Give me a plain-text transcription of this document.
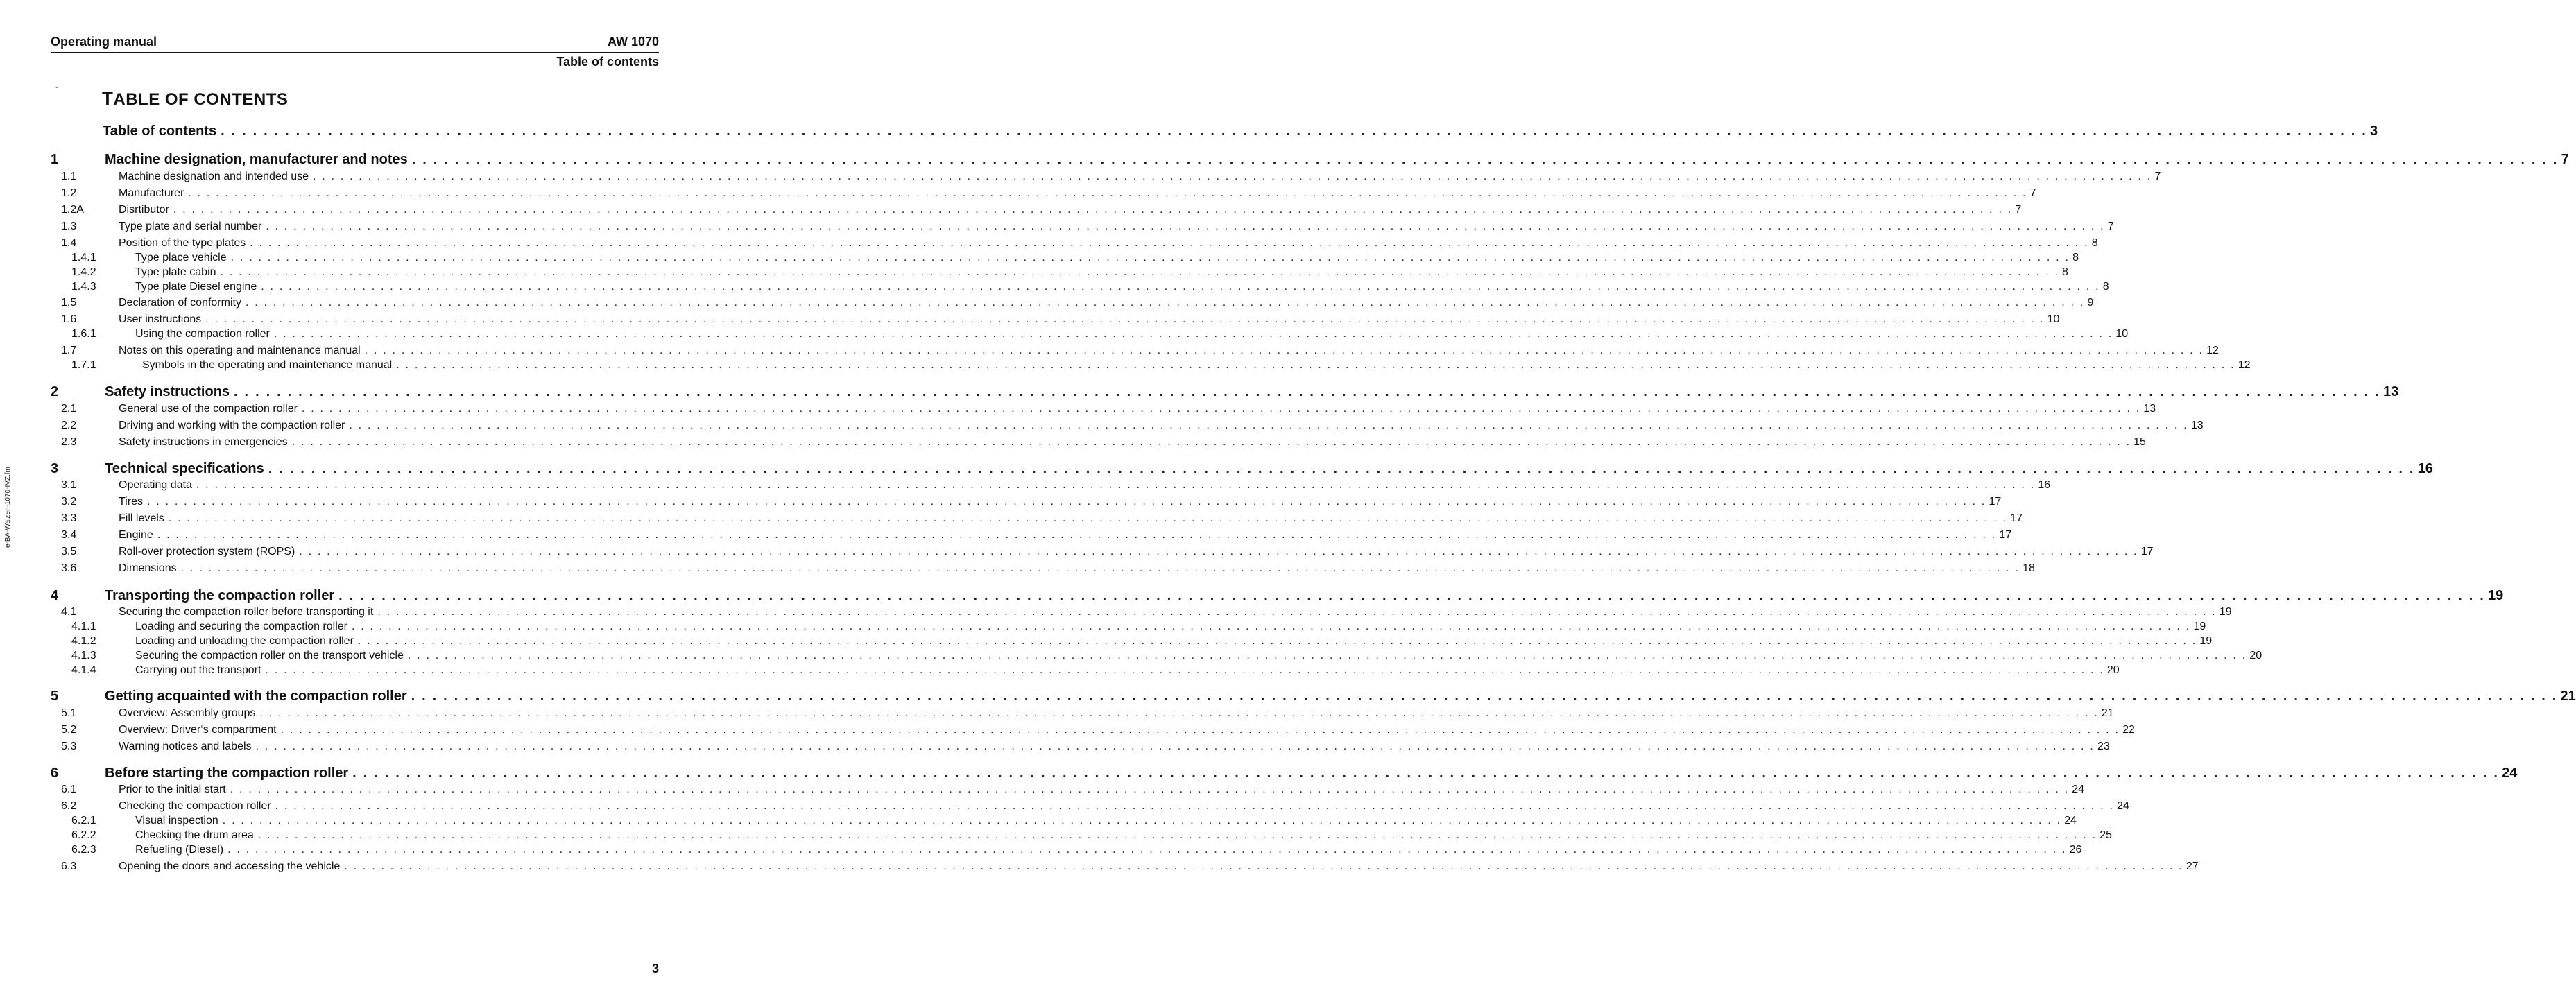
Operating manual	AW 1070
Table of contents
-
TABLE OF CONTENTS
e-BA-Walzen-1070-IVZ.fm
Table of contents . . . . . . . . . . . . . . . . . . . . . . . . . . . . . . . . . . . . . . . . . . . . . . . . . . . . . . . . . . . . . . . . . . . . . . . . . . . . . . . . . . . . . . . . . . . . . . . . . . . . . . . . . . . . . . . . . . . . . . . . . . . . . . . . . . . . . . . . . . . . . . . . . . . . . . . . . . . . . . . . . . . . . . . . . . . . . . . . . . . . . . . . . . . . . . . . . . . . . . . . 3
1	Machine designation, manufacturer and notes . . . . . . . . . . . . . . . . . . . . . . . . . . . . . . . . . . . . . . . . . . . . . . . . . . . . . . . . . . . . . . . . . . . . . . . . . . . . . . . . . . . . . . . . . . . . . . . . . . . . . . . . . . . . . . . . . . . . . . . . . . . . . . . . . . . . . . . . . . . . . . . . . . . . . . . . . . . . . . . . . . . . . . . . . . . . . . . . . . . . . . . . . . . . . . . . . . . . . . . . 7
1.1	Machine designation and intended use . . . . . . . . . . . . . . . . . . . . . . . . . . . . . . . . . . . . . . . . . . . . . . . . . . . . . . . . . . . . . . . . . . . . . . . . . . . . . . . . . . . . . . . . . . . . . . . . . . . . . . . . . . . . . . . . . . . . . . . . . . . . . . . . . . . . . . . . . . . . . . . . . . . . . . . . . . . . . . . . . . . . . . . . . . . . . . . . . . . . . . . . . . . . . . . . . . . . . . . . 7
1.2	Manufacturer . . . . . . . . . . . . . . . . . . . . . . . . . . . . . . . . . . . . . . . . . . . . . . . . . . . . . . . . . . . . . . . . . . . . . . . . . . . . . . . . . . . . . . . . . . . . . . . . . . . . . . . . . . . . . . . . . . . . . . . . . . . . . . . . . . . . . . . . . . . . . . . . . . . . . . . . . . . . . . . . . . . . . . . . . . . . . . . . . . . . . . . . . . . . . . . . . . . . . . . . 7
1.2A	Disrtibutor . . . . . . . . . . . . . . . . . . . . . . . . . . . . . . . . . . . . . . . . . . . . . . . . . . . . . . . . . . . . . . . . . . . . . . . . . . . . . . . . . . . . . . . . . . . . . . . . . . . . . . . . . . . . . . . . . . . . . . . . . . . . . . . . . . . . . . . . . . . . . . . . . . . . . . . . . . . . . . . . . . . . . . . . . . . . . . . . . . . . . . . . . . . . . . . . . . . . . . . . 7
1.3	Type plate and serial number . . . . . . . . . . . . . . . . . . . . . . . . . . . . . . . . . . . . . . . . . . . . . . . . . . . . . . . . . . . . . . . . . . . . . . . . . . . . . . . . . . . . . . . . . . . . . . . . . . . . . . . . . . . . . . . . . . . . . . . . . . . . . . . . . . . . . . . . . . . . . . . . . . . . . . . . . . . . . . . . . . . . . . . . . . . . . . . . . . . . . . . . . . . . . . . . . . . . . . . . 7
1.4	Position of the type plates . . . . . . . . . . . . . . . . . . . . . . . . . . . . . . . . . . . . . . . . . . . . . . . . . . . . . . . . . . . . . . . . . . . . . . . . . . . . . . . . . . . . . . . . . . . . . . . . . . . . . . . . . . . . . . . . . . . . . . . . . . . . . . . . . . . . . . . . . . . . . . . . . . . . . . . . . . . . . . . . . . . . . . . . . . . . . . . . . . . . . . . . . . . . . . . . . . . . . . . . 8
1.4.1	Type place vehicle . . . . . . . . . . . . . . . . . . . . . . . . . . . . . . . . . . . . . . . . . . . . . . . . . . . . . . . . . . . . . . . . . . . . . . . . . . . . . . . . . . . . . . . . . . . . . . . . . . . . . . . . . . . . . . . . . . . . . . . . . . . . . . . . . . . . . . . . . . . . . . . . . . . . . . . . . . . . . . . . . . . . . . . . . . . . . . . . . . . . . . . . . . . . . . . . . . . . . . . . 8
1.4.2	Type plate cabin . . . . . . . . . . . . . . . . . . . . . . . . . . . . . . . . . . . . . . . . . . . . . . . . . . . . . . . . . . . . . . . . . . . . . . . . . . . . . . . . . . . . . . . . . . . . . . . . . . . . . . . . . . . . . . . . . . . . . . . . . . . . . . . . . . . . . . . . . . . . . . . . . . . . . . . . . . . . . . . . . . . . . . . . . . . . . . . . . . . . . . . . . . . . . . . . . . . . . . . . 8
1.4.3	Type plate Diesel engine . . . . . . . . . . . . . . . . . . . . . . . . . . . . . . . . . . . . . . . . . . . . . . . . . . . . . . . . . . . . . . . . . . . . . . . . . . . . . . . . . . . . . . . . . . . . . . . . . . . . . . . . . . . . . . . . . . . . . . . . . . . . . . . . . . . . . . . . . . . . . . . . . . . . . . . . . . . . . . . . . . . . . . . . . . . . . . . . . . . . . . . . . . . . . . . . . . . . . . . . 8
1.5	Declaration of conformity . . . . . . . . . . . . . . . . . . . . . . . . . . . . . . . . . . . . . . . . . . . . . . . . . . . . . . . . . . . . . . . . . . . . . . . . . . . . . . . . . . . . . . . . . . . . . . . . . . . . . . . . . . . . . . . . . . . . . . . . . . . . . . . . . . . . . . . . . . . . . . . . . . . . . . . . . . . . . . . . . . . . . . . . . . . . . . . . . . . . . . . . . . . . . . . . . . . . . . . . 9
1.6	User instructions . . . . . . . . . . . . . . . . . . . . . . . . . . . . . . . . . . . . . . . . . . . . . . . . . . . . . . . . . . . . . . . . . . . . . . . . . . . . . . . . . . . . . . . . . . . . . . . . . . . . . . . . . . . . . . . . . . . . . . . . . . . . . . . . . . . . . . . . . . . . . . . . . . . . . . . . . . . . . . . . . . . . . . . . . . . . . . . . . . . . . . . . . . . . . . . . . . . . . . . . 10
1.6.1	Using the compaction roller . . . . . . . . . . . . . . . . . . . . . . . . . . . . . . . . . . . . . . . . . . . . . . . . . . . . . . . . . . . . . . . . . . . . . . . . . . . . . . . . . . . . . . . . . . . . . . . . . . . . . . . . . . . . . . . . . . . . . . . . . . . . . . . . . . . . . . . . . . . . . . . . . . . . . . . . . . . . . . . . . . . . . . . . . . . . . . . . . . . . . . . . . . . . . . . . . . . . . . . . 10
1.7	Notes on this operating and maintenance manual . . . . . . . . . . . . . . . . . . . . . . . . . . . . . . . . . . . . . . . . . . . . . . . . . . . . . . . . . . . . . . . . . . . . . . . . . . . . . . . . . . . . . . . . . . . . . . . . . . . . . . . . . . . . . . . . . . . . . . . . . . . . . . . . . . . . . . . . . . . . . . . . . . . . . . . . . . . . . . . . . . . . . . . . . . . . . . . . . . . . . . . . . . . . . . . . . . . . . . . . 12
1.7.1	Symbols in the operating and maintenance manual . . . . . . . . . . . . . . . . . . . . . . . . . . . . . . . . . . . . . . . . . . . . . . . . . . . . . . . . . . . . . . . . . . . . . . . . . . . . . . . . . . . . . . . . . . . . . . . . . . . . . . . . . . . . . . . . . . . . . . . . . . . . . . . . . . . . . . . . . . . . . . . . . . . . . . . . . . . . . . . . . . . . . . . . . . . . . . . . . . . . . . . . . . . . . . . . . . . . . . . . 12
2	Safety instructions . . . . . . . . . . . . . . . . . . . . . . . . . . . . . . . . . . . . . . . . . . . . . . . . . . . . . . . . . . . . . . . . . . . . . . . . . . . . . . . . . . . . . . . . . . . . . . . . . . . . . . . . . . . . . . . . . . . . . . . . . . . . . . . . . . . . . . . . . . . . . . . . . . . . . . . . . . . . . . . . . . . . . . . . . . . . . . . . . . . . . . . . . . . . . . . . . . . . . . . . 13
2.1	General use of the compaction roller . . . . . . . . . . . . . . . . . . . . . . . . . . . . . . . . . . . . . . . . . . . . . . . . . . . . . . . . . . . . . . . . . . . . . . . . . . . . . . . . . . . . . . . . . . . . . . . . . . . . . . . . . . . . . . . . . . . . . . . . . . . . . . . . . . . . . . . . . . . . . . . . . . . . . . . . . . . . . . . . . . . . . . . . . . . . . . . . . . . . . . . . . . . . . . . . . . . . . . . . 13
2.2	Driving and working with the compaction roller . . . . . . . . . . . . . . . . . . . . . . . . . . . . . . . . . . . . . . . . . . . . . . . . . . . . . . . . . . . . . . . . . . . . . . . . . . . . . . . . . . . . . . . . . . . . . . . . . . . . . . . . . . . . . . . . . . . . . . . . . . . . . . . . . . . . . . . . . . . . . . . . . . . . . . . . . . . . . . . . . . . . . . . . . . . . . . . . . . . . . . . . . . . . . . . . . . . . . . . . 13
2.3	Safety instructions in emergencies . . . . . . . . . . . . . . . . . . . . . . . . . . . . . . . . . . . . . . . . . . . . . . . . . . . . . . . . . . . . . . . . . . . . . . . . . . . . . . . . . . . . . . . . . . . . . . . . . . . . . . . . . . . . . . . . . . . . . . . . . . . . . . . . . . . . . . . . . . . . . . . . . . . . . . . . . . . . . . . . . . . . . . . . . . . . . . . . . . . . . . . . . . . . . . . . . . . . . . . . 15
3	Technical specifications . . . . . . . . . . . . . . . . . . . . . . . . . . . . . . . . . . . . . . . . . . . . . . . . . . . . . . . . . . . . . . . . . . . . . . . . . . . . . . . . . . . . . . . . . . . . . . . . . . . . . . . . . . . . . . . . . . . . . . . . . . . . . . . . . . . . . . . . . . . . . . . . . . . . . . . . . . . . . . . . . . . . . . . . . . . . . . . . . . . . . . . . . . . . . . . . . . . . . . . . 16
3.1	Operating data . . . . . . . . . . . . . . . . . . . . . . . . . . . . . . . . . . . . . . . . . . . . . . . . . . . . . . . . . . . . . . . . . . . . . . . . . . . . . . . . . . . . . . . . . . . . . . . . . . . . . . . . . . . . . . . . . . . . . . . . . . . . . . . . . . . . . . . . . . . . . . . . . . . . . . . . . . . . . . . . . . . . . . . . . . . . . . . . . . . . . . . . . . . . . . . . . . . . . . . . 16
3.2	Tires . . . . . . . . . . . . . . . . . . . . . . . . . . . . . . . . . . . . . . . . . . . . . . . . . . . . . . . . . . . . . . . . . . . . . . . . . . . . . . . . . . . . . . . . . . . . . . . . . . . . . . . . . . . . . . . . . . . . . . . . . . . . . . . . . . . . . . . . . . . . . . . . . . . . . . . . . . . . . . . . . . . . . . . . . . . . . . . . . . . . . . . . . . . . . . . . . . . . . . . . 17
3.3	Fill levels . . . . . . . . . . . . . . . . . . . . . . . . . . . . . . . . . . . . . . . . . . . . . . . . . . . . . . . . . . . . . . . . . . . . . . . . . . . . . . . . . . . . . . . . . . . . . . . . . . . . . . . . . . . . . . . . . . . . . . . . . . . . . . . . . . . . . . . . . . . . . . . . . . . . . . . . . . . . . . . . . . . . . . . . . . . . . . . . . . . . . . . . . . . . . . . . . . . . . . . . 17
3.4	Engine . . . . . . . . . . . . . . . . . . . . . . . . . . . . . . . . . . . . . . . . . . . . . . . . . . . . . . . . . . . . . . . . . . . . . . . . . . . . . . . . . . . . . . . . . . . . . . . . . . . . . . . . . . . . . . . . . . . . . . . . . . . . . . . . . . . . . . . . . . . . . . . . . . . . . . . . . . . . . . . . . . . . . . . . . . . . . . . . . . . . . . . . . . . . . . . . . . . . . . . . 17
3.5	Roll-over protection system (ROPS) . . . . . . . . . . . . . . . . . . . . . . . . . . . . . . . . . . . . . . . . . . . . . . . . . . . . . . . . . . . . . . . . . . . . . . . . . . . . . . . . . . . . . . . . . . . . . . . . . . . . . . . . . . . . . . . . . . . . . . . . . . . . . . . . . . . . . . . . . . . . . . . . . . . . . . . . . . . . . . . . . . . . . . . . . . . . . . . . . . . . . . . . . . . . . . . . . . . . . . . . 17
3.6	Dimensions . . . . . . . . . . . . . . . . . . . . . . . . . . . . . . . . . . . . . . . . . . . . . . . . . . . . . . . . . . . . . . . . . . . . . . . . . . . . . . . . . . . . . . . . . . . . . . . . . . . . . . . . . . . . . . . . . . . . . . . . . . . . . . . . . . . . . . . . . . . . . . . . . . . . . . . . . . . . . . . . . . . . . . . . . . . . . . . . . . . . . . . . . . . . . . . . . . . . . . . . 18
4	Transporting the compaction roller . . . . . . . . . . . . . . . . . . . . . . . . . . . . . . . . . . . . . . . . . . . . . . . . . . . . . . . . . . . . . . . . . . . . . . . . . . . . . . . . . . . . . . . . . . . . . . . . . . . . . . . . . . . . . . . . . . . . . . . . . . . . . . . . . . . . . . . . . . . . . . . . . . . . . . . . . . . . . . . . . . . . . . . . . . . . . . . . . . . . . . . . . . . . . . . . . . . . . . . . 19
4.1	Securing the compaction roller before transporting it . . . . . . . . . . . . . . . . . . . . . . . . . . . . . . . . . . . . . . . . . . . . . . . . . . . . . . . . . . . . . . . . . . . . . . . . . . . . . . . . . . . . . . . . . . . . . . . . . . . . . . . . . . . . . . . . . . . . . . . . . . . . . . . . . . . . . . . . . . . . . . . . . . . . . . . . . . . . . . . . . . . . . . . . . . . . . . . . . . . . . . . . . . . . . . . . . . . . . . . . 19
4.1.1	Loading and securing the compaction roller . . . . . . . . . . . . . . . . . . . . . . . . . . . . . . . . . . . . . . . . . . . . . . . . . . . . . . . . . . . . . . . . . . . . . . . . . . . . . . . . . . . . . . . . . . . . . . . . . . . . . . . . . . . . . . . . . . . . . . . . . . . . . . . . . . . . . . . . . . . . . . . . . . . . . . . . . . . . . . . . . . . . . . . . . . . . . . . . . . . . . . . . . . . . . . . . . . . . . . . . 19
4.1.2	Loading and unloading the compaction roller . . . . . . . . . . . . . . . . . . . . . . . . . . . . . . . . . . . . . . . . . . . . . . . . . . . . . . . . . . . . . . . . . . . . . . . . . . . . . . . . . . . . . . . . . . . . . . . . . . . . . . . . . . . . . . . . . . . . . . . . . . . . . . . . . . . . . . . . . . . . . . . . . . . . . . . . . . . . . . . . . . . . . . . . . . . . . . . . . . . . . . . . . . . . . . . . . . . . . . . . 19
4.1.3	Securing the compaction roller on the transport vehicle . . . . . . . . . . . . . . . . . . . . . . . . . . . . . . . . . . . . . . . . . . . . . . . . . . . . . . . . . . . . . . . . . . . . . . . . . . . . . . . . . . . . . . . . . . . . . . . . . . . . . . . . . . . . . . . . . . . . . . . . . . . . . . . . . . . . . . . . . . . . . . . . . . . . . . . . . . . . . . . . . . . . . . . . . . . . . . . . . . . . . . . . . . . . . . . . . . . . . . . . 20
4.1.4	Carrying out the transport . . . . . . . . . . . . . . . . . . . . . . . . . . . . . . . . . . . . . . . . . . . . . . . . . . . . . . . . . . . . . . . . . . . . . . . . . . . . . . . . . . . . . . . . . . . . . . . . . . . . . . . . . . . . . . . . . . . . . . . . . . . . . . . . . . . . . . . . . . . . . . . . . . . . . . . . . . . . . . . . . . . . . . . . . . . . . . . . . . . . . . . . . . . . . . . . . . . . . . . . 20
5	Getting acquainted with the compaction roller . . . . . . . . . . . . . . . . . . . . . . . . . . . . . . . . . . . . . . . . . . . . . . . . . . . . . . . . . . . . . . . . . . . . . . . . . . . . . . . . . . . . . . . . . . . . . . . . . . . . . . . . . . . . . . . . . . . . . . . . . . . . . . . . . . . . . . . . . . . . . . . . . . . . . . . . . . . . . . . . . . . . . . . . . . . . . . . . . . . . . . . . . . . . . . . . . . . . . . . . 21
5.1	Overview: Assembly groups . . . . . . . . . . . . . . . . . . . . . . . . . . . . . . . . . . . . . . . . . . . . . . . . . . . . . . . . . . . . . . . . . . . . . . . . . . . . . . . . . . . . . . . . . . . . . . . . . . . . . . . . . . . . . . . . . . . . . . . . . . . . . . . . . . . . . . . . . . . . . . . . . . . . . . . . . . . . . . . . . . . . . . . . . . . . . . . . . . . . . . . . . . . . . . . . . . . . . . . . 21
5.2	Overview: Driver‘s compartment . . . . . . . . . . . . . . . . . . . . . . . . . . . . . . . . . . . . . . . . . . . . . . . . . . . . . . . . . . . . . . . . . . . . . . . . . . . . . . . . . . . . . . . . . . . . . . . . . . . . . . . . . . . . . . . . . . . . . . . . . . . . . . . . . . . . . . . . . . . . . . . . . . . . . . . . . . . . . . . . . . . . . . . . . . . . . . . . . . . . . . . . . . . . . . . . . . . . . . . . 22
5.3	Warning notices and labels . . . . . . . . . . . . . . . . . . . . . . . . . . . . . . . . . . . . . . . . . . . . . . . . . . . . . . . . . . . . . . . . . . . . . . . . . . . . . . . . . . . . . . . . . . . . . . . . . . . . . . . . . . . . . . . . . . . . . . . . . . . . . . . . . . . . . . . . . . . . . . . . . . . . . . . . . . . . . . . . . . . . . . . . . . . . . . . . . . . . . . . . . . . . . . . . . . . . . . . . 23
6	Before starting the compaction roller . . . . . . . . . . . . . . . . . . . . . . . . . . . . . . . . . . . . . . . . . . . . . . . . . . . . . . . . . . . . . . . . . . . . . . . . . . . . . . . . . . . . . . . . . . . . . . . . . . . . . . . . . . . . . . . . . . . . . . . . . . . . . . . . . . . . . . . . . . . . . . . . . . . . . . . . . . . . . . . . . . . . . . . . . . . . . . . . . . . . . . . . . . . . . . . . . . . . . . . . 24
6.1	Prior to the initial start . . . . . . . . . . . . . . . . . . . . . . . . . . . . . . . . . . . . . . . . . . . . . . . . . . . . . . . . . . . . . . . . . . . . . . . . . . . . . . . . . . . . . . . . . . . . . . . . . . . . . . . . . . . . . . . . . . . . . . . . . . . . . . . . . . . . . . . . . . . . . . . . . . . . . . . . . . . . . . . . . . . . . . . . . . . . . . . . . . . . . . . . . . . . . . . . . . . . . . . . 24
6.2	Checking the compaction roller . . . . . . . . . . . . . . . . . . . . . . . . . . . . . . . . . . . . . . . . . . . . . . . . . . . . . . . . . . . . . . . . . . . . . . . . . . . . . . . . . . . . . . . . . . . . . . . . . . . . . . . . . . . . . . . . . . . . . . . . . . . . . . . . . . . . . . . . . . . . . . . . . . . . . . . . . . . . . . . . . . . . . . . . . . . . . . . . . . . . . . . . . . . . . . . . . . . . . . . . 24
6.2.1	Visual inspection . . . . . . . . . . . . . . . . . . . . . . . . . . . . . . . . . . . . . . . . . . . . . . . . . . . . . . . . . . . . . . . . . . . . . . . . . . . . . . . . . . . . . . . . . . . . . . . . . . . . . . . . . . . . . . . . . . . . . . . . . . . . . . . . . . . . . . . . . . . . . . . . . . . . . . . . . . . . . . . . . . . . . . . . . . . . . . . . . . . . . . . . . . . . . . . . . . . . . . . . 24
6.2.2	Checking the drum area . . . . . . . . . . . . . . . . . . . . . . . . . . . . . . . . . . . . . . . . . . . . . . . . . . . . . . . . . . . . . . . . . . . . . . . . . . . . . . . . . . . . . . . . . . . . . . . . . . . . . . . . . . . . . . . . . . . . . . . . . . . . . . . . . . . . . . . . . . . . . . . . . . . . . . . . . . . . . . . . . . . . . . . . . . . . . . . . . . . . . . . . . . . . . . . . . . . . . . . . 25
6.2.3	Refueling (Diesel) . . . . . . . . . . . . . . . . . . . . . . . . . . . . . . . . . . . . . . . . . . . . . . . . . . . . . . . . . . . . . . . . . . . . . . . . . . . . . . . . . . . . . . . . . . . . . . . . . . . . . . . . . . . . . . . . . . . . . . . . . . . . . . . . . . . . . . . . . . . . . . . . . . . . . . . . . . . . . . . . . . . . . . . . . . . . . . . . . . . . . . . . . . . . . . . . . . . . . . . . 26
6.3	Opening the doors and accessing the vehicle . . . . . . . . . . . . . . . . . . . . . . . . . . . . . . . . . . . . . . . . . . . . . . . . . . . . . . . . . . . . . . . . . . . . . . . . . . . . . . . . . . . . . . . . . . . . . . . . . . . . . . . . . . . . . . . . . . . . . . . . . . . . . . . . . . . . . . . . . . . . . . . . . . . . . . . . . . . . . . . . . . . . . . . . . . . . . . . . . . . . . . . . . . . . . . . . . . . . . . . . 27
3
